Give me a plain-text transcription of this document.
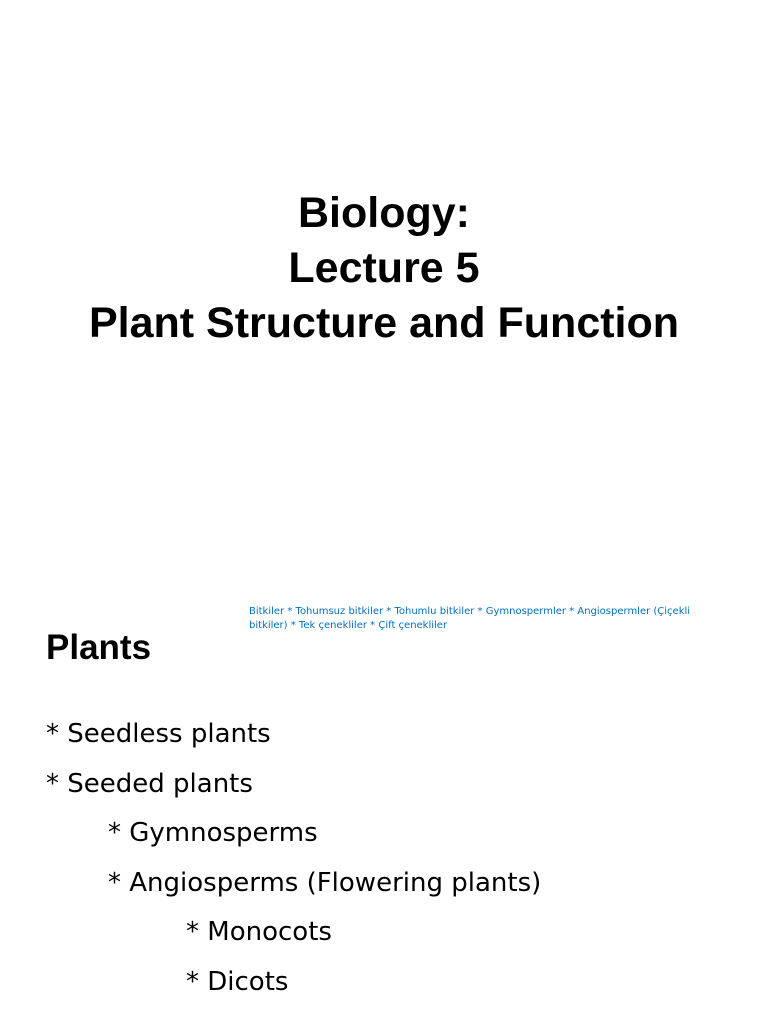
Biology:
Lecture 5
Plant Structure and Function
Bitkiler * Tohumsuz bitkiler * Tohumlu bitkiler * Gymnospermler * Angiospermler (Çiçekli bitkiler) * Tek çenekliler * Çift çenekliler
Plants
* Seedless plants
* Seeded plants
* Gymnosperms
* Angiosperms (Flowering plants)
* Monocots
* Dicots
